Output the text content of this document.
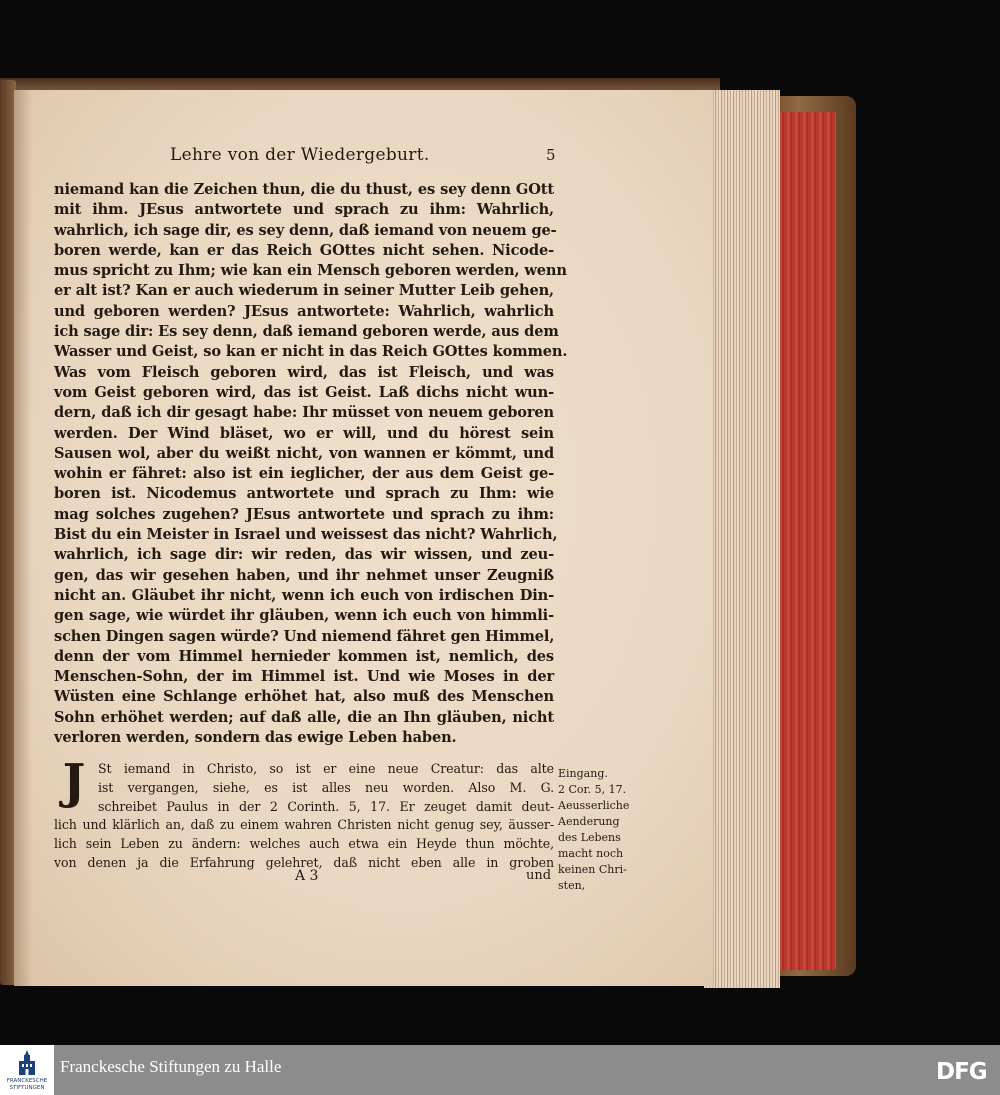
Lehre von der Wiedergeburt.	5
niemand kan die Zeichen thun, die du thust, es sey denn GOtt
mit ihm. JEsus antwortete und sprach zu ihm: Wahrlich,
wahrlich, ich sage dir, es sey denn, daß iemand von neuem ge-
boren werde, kan er das Reich GOttes nicht sehen. Nicode-
mus spricht zu Ihm; wie kan ein Mensch geboren werden, wenn
er alt ist? Kan er auch wiederum in seiner Mutter Leib gehen,
und geboren werden? JEsus antwortete: Wahrlich, wahrlich
ich sage dir: Es sey denn, daß iemand geboren werde, aus dem
Wasser und Geist, so kan er nicht in das Reich GOttes kommen.
Was vom Fleisch geboren wird, das ist Fleisch, und was
vom Geist geboren wird, das ist Geist. Laß dichs nicht wun-
dern, daß ich dir gesagt habe: Ihr müsset von neuem geboren
werden. Der Wind bläset, wo er will, und du hörest sein
Sausen wol, aber du weißt nicht, von wannen er kömmt, und
wohin er fähret: also ist ein ieglicher, der aus dem Geist ge-
boren ist. Nicodemus antwortete und sprach zu Ihm: wie
mag solches zugehen? JEsus antwortete und sprach zu ihm:
Bist du ein Meister in Israel und weissest das nicht? Wahrlich,
wahrlich, ich sage dir: wir reden, das wir wissen, und zeu-
gen, das wir gesehen haben, und ihr nehmet unser Zeugniß
nicht an. Gläubet ihr nicht, wenn ich euch von irdischen Din-
gen sage, wie würdet ihr gläuben, wenn ich euch von himmli-
schen Dingen sagen würde? Und niemend fähret gen Himmel,
denn der vom Himmel hernieder kommen ist, nemlich, des
Menschen-Sohn, der im Himmel ist. Und wie Moses in der
Wüsten eine Schlange erhöhet hat, also muß des Menschen
Sohn erhöhet werden; auf daß alle, die an Ihn gläuben, nicht
verloren werden, sondern das ewige Leben haben.
J	St iemand in Christo, so ist er eine neue Creatur: das alte
ist vergangen, siehe, es ist alles neu worden. Also M. G.
schreibet Paulus in der 2 Corinth. 5, 17. Er zeuget damit deut-
lich und klärlich an, daß zu einem wahren Christen nicht genug sey, äusser-
lich sein Leben zu ändern: welches auch etwa ein Heyde thun möchte,
von denen ja die Erfahrung gelehret, daß nicht eben alle in groben
A 3	und
Eingang.
2 Cor. 5, 17.
Aeusserliche
Aenderung
des Lebens
macht noch
keinen Chri-
sten,
FRANCKESCHE STIFTUNGEN
Franckesche Stiftungen zu Halle	DFG
